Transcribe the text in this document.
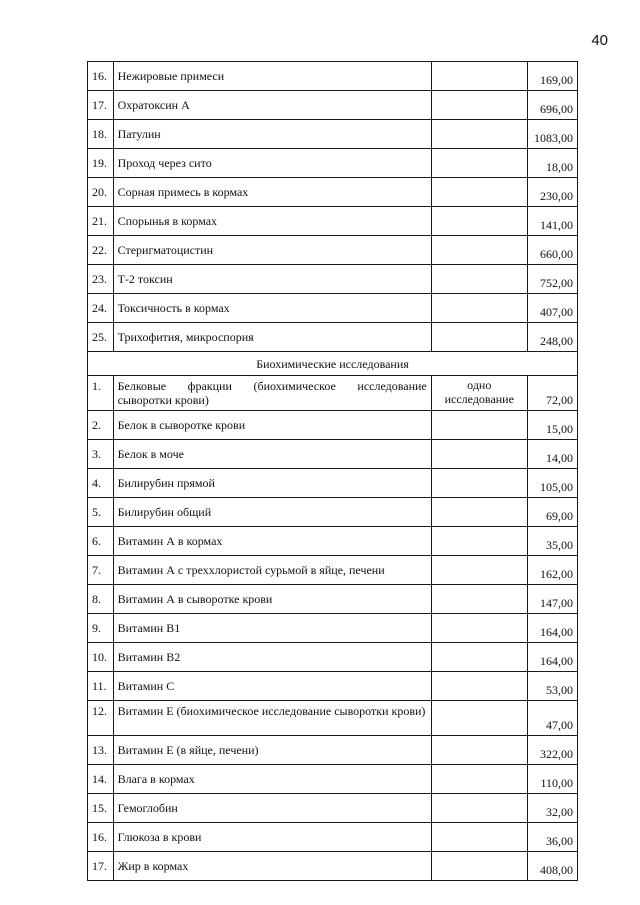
40
16.	Нежировые примеси		169,00
17.	Охратоксин А		696,00
18.	Патулин		1083,00
19.	Проход через сито		18,00
20.	Сорная примесь в кормах		230,00
21.	Спорынья в кормах		141,00
22.	Стеригматоцистин		660,00
23.	Т-2 токсин		752,00
24.	Токсичность в кормах		407,00
25.	Трихофития, микроспория		248,00
Биохимические исследования			
1.	Белковые фракции (биохимическое исследование сыворотки крови)	одно исследование	72,00
2.	Белок в сыворотке крови		15,00
3.	Белок в моче		14,00
4.	Билирубин прямой		105,00
5.	Билирубин общий		69,00
6.	Витамин А в кормах		35,00
7.	Витамин А с треххлористой сурьмой в яйце, печени		162,00
8.	Витамин А в сыворотке крови		147,00
9.	Витамин В1		164,00
10.	Витамин В2		164,00
11.	Витамин С		53,00
12.	Витамин Е (биохимическое исследование сыворотки крови)		47,00
13.	Витамин Е (в яйце, печени)		322,00
14.	Влага в кормах		110,00
15.	Гемоглобин		32,00
16.	Глюкоза в крови		36,00
17.	Жир в кормах		408,00
